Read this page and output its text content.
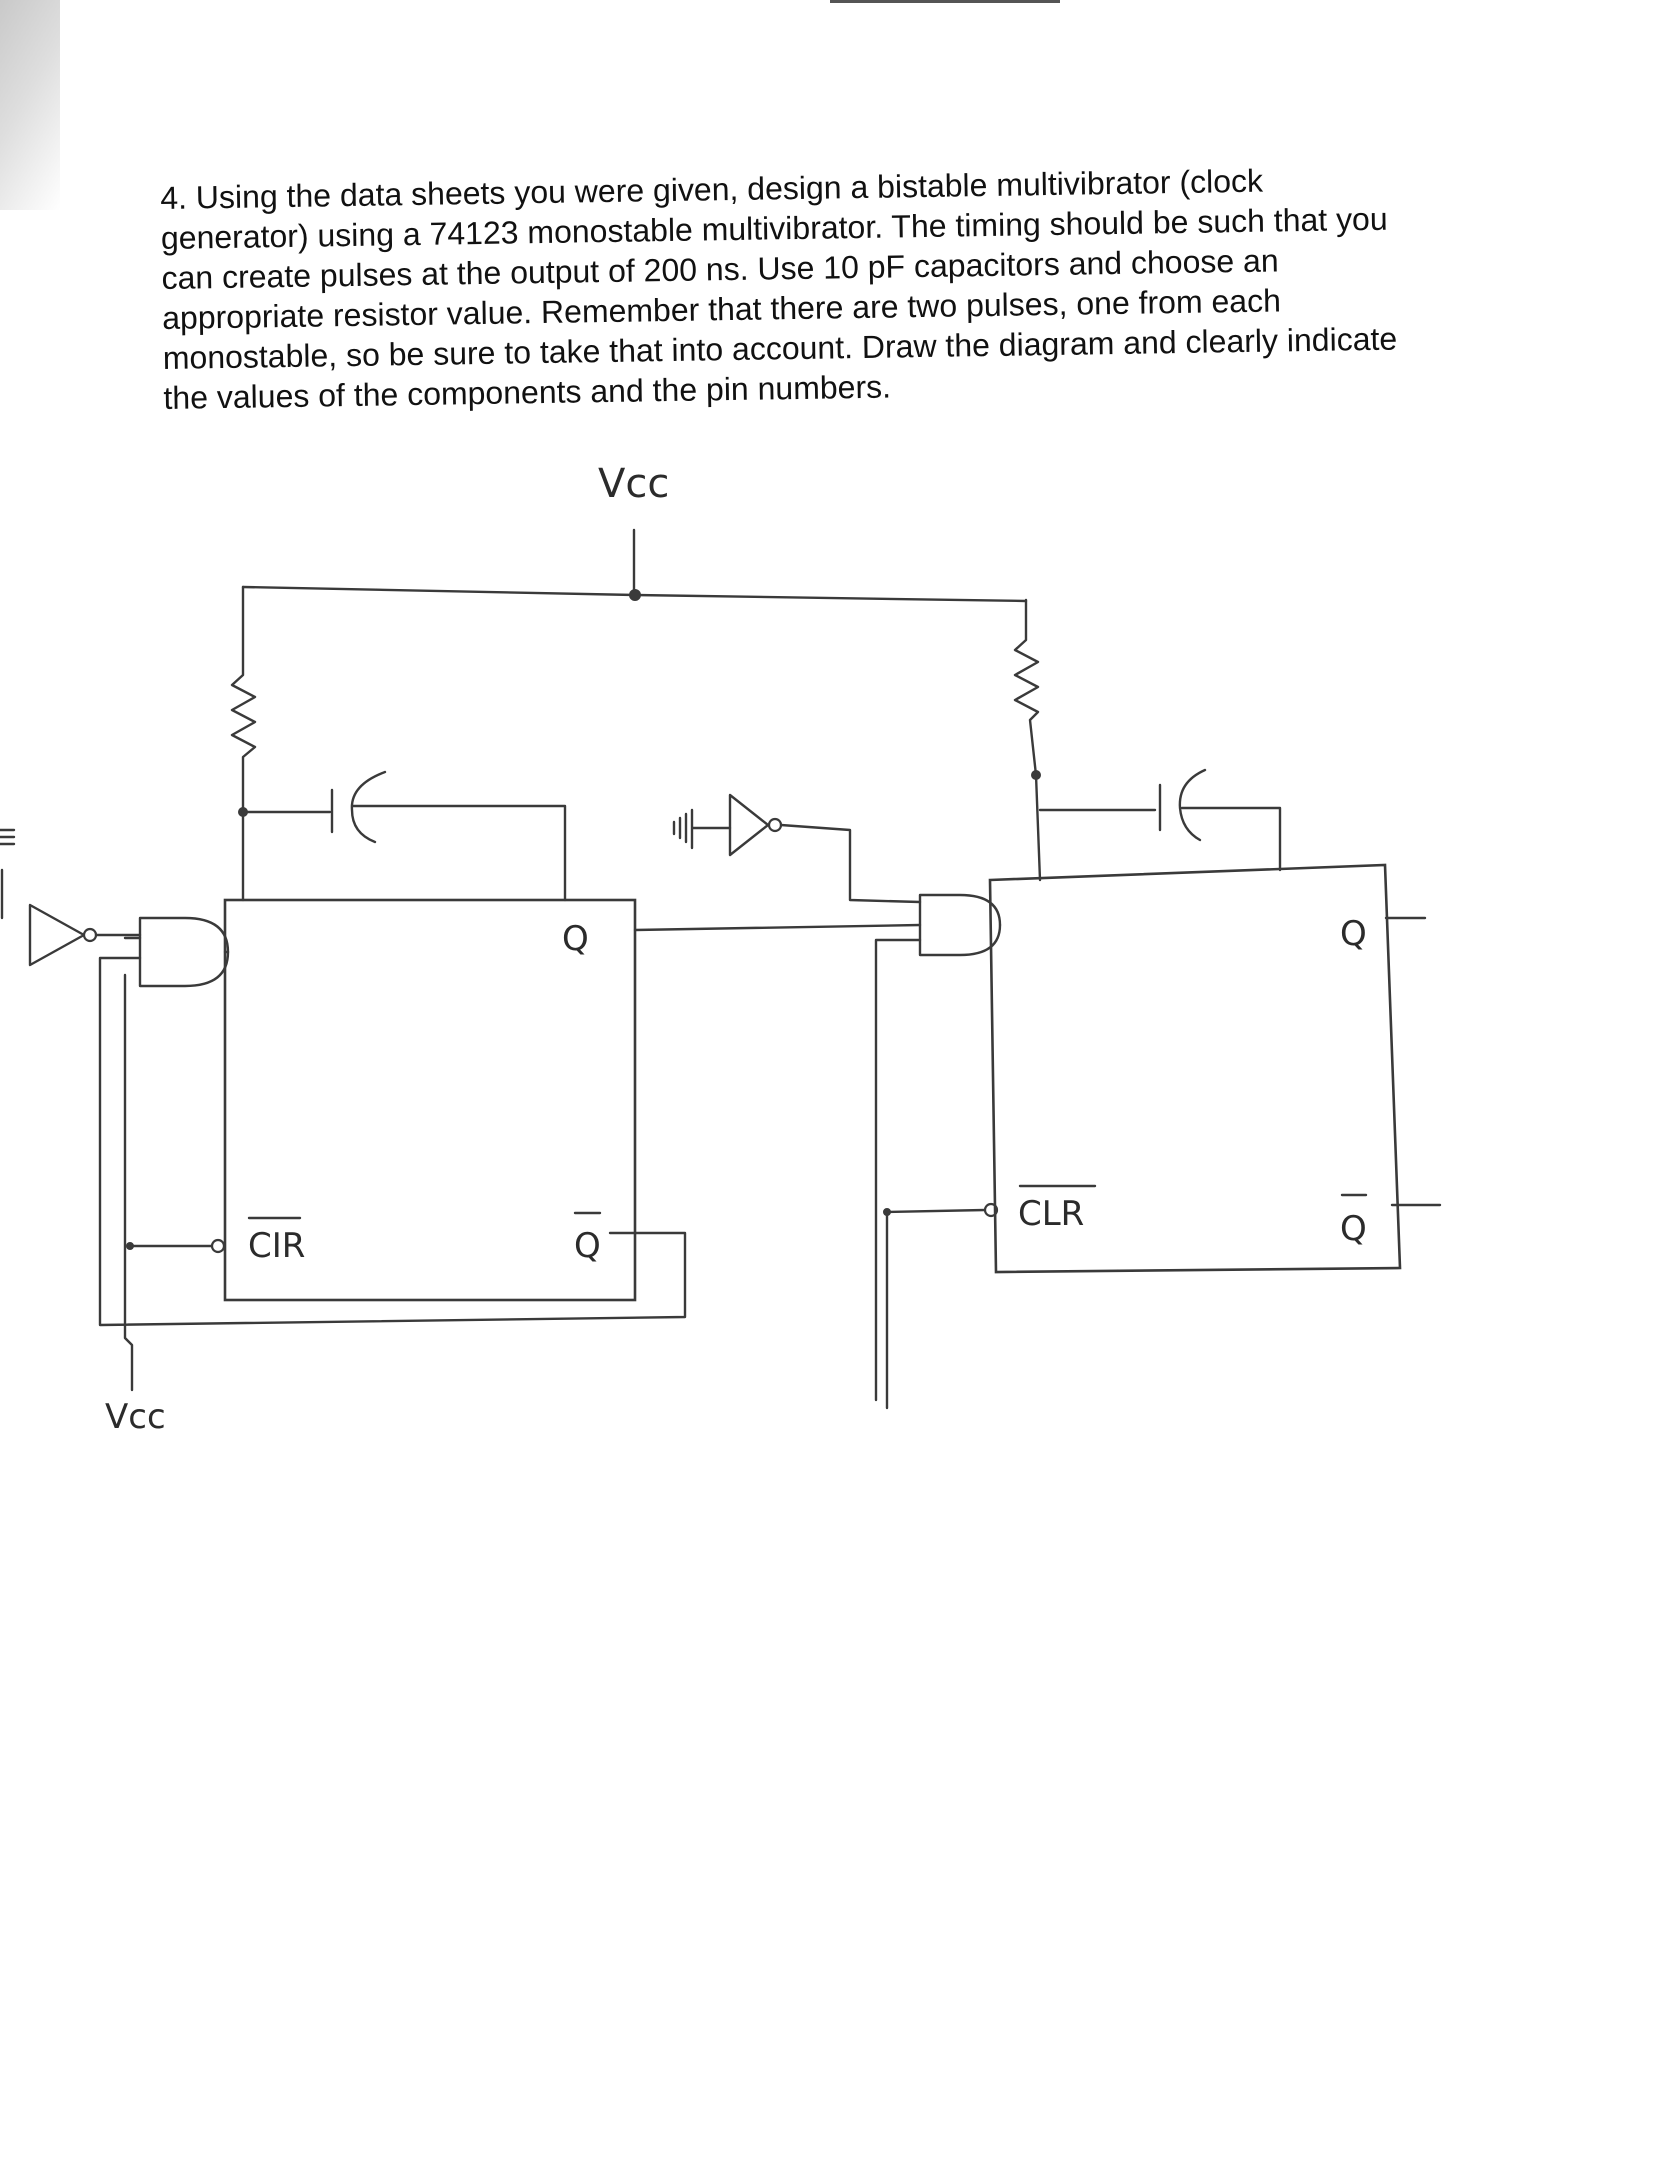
4. Using the data sheets you were given, design a bistable multivibrator (clock
generator) using a 74123 monostable multivibrator. The timing should be such that you
can create pulses at the output of 200 ns. Use 10 pF capacitors and choose an
appropriate resistor value. Remember that there are two pulses, one from each
monostable, so be sure to take that into account. Draw the diagram and clearly indicate
the values of the components and the pin numbers.
Vcc
Q
Q
CIR
Vcc
Q
Q
CLR
